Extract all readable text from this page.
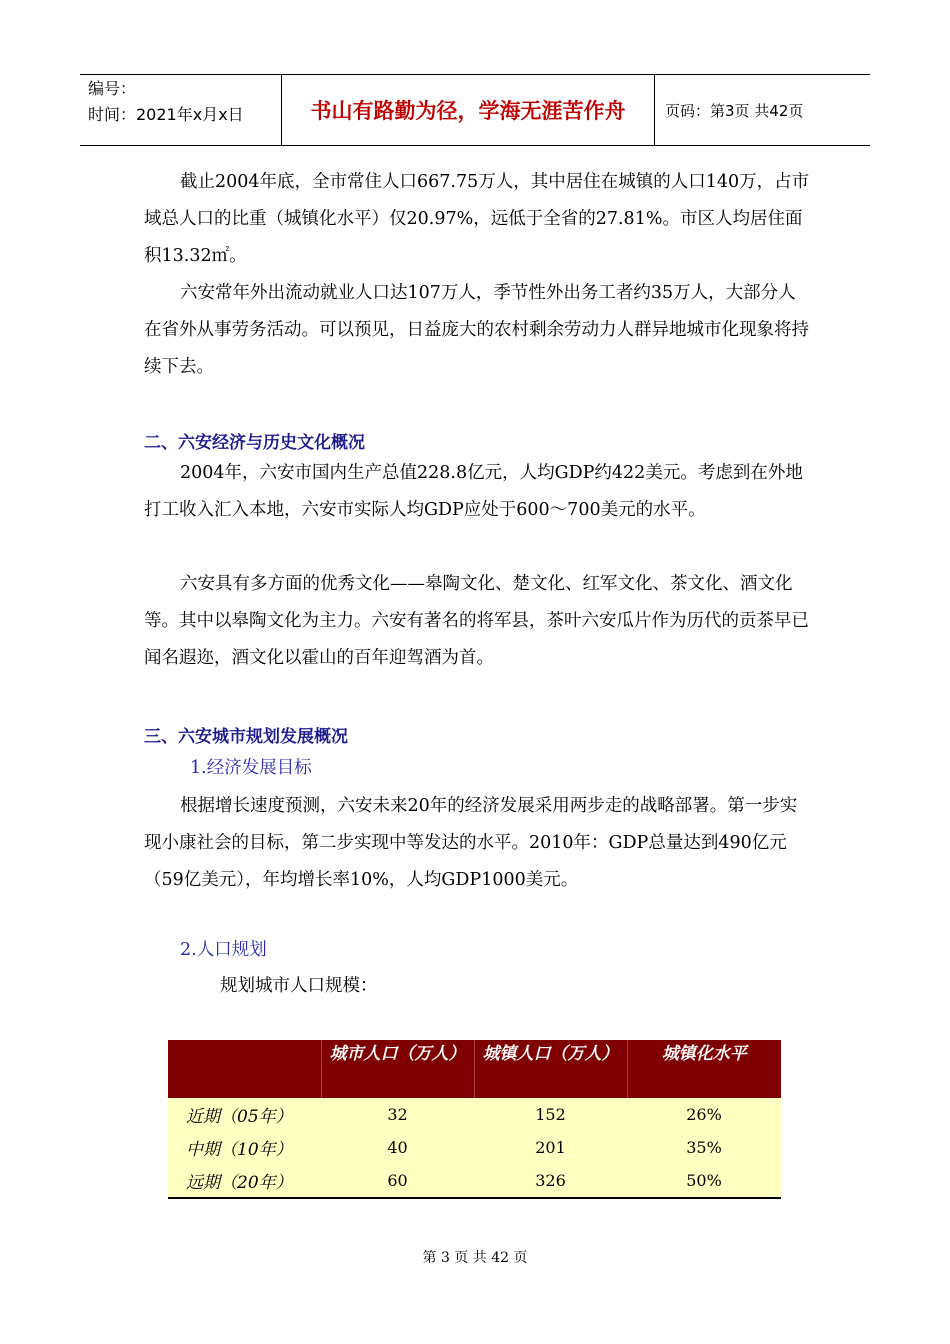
编号：
时间：2021年x月x日	书山有路勤为径，学海无涯苦作舟	页码：第3页 共42页

截止2004年底，全市常住人口667.75万人，其中居住在城镇的人口140万，占市域总人口的比重（城镇化水平）仅20.97%，远低于全省的27.81%。市区人均居住面积13.32㎡。

六安常年外出流动就业人口达107万人，季节性外出务工者约35万人，大部分人在省外从事劳务活动。可以预见，日益庞大的农村剩余劳动力人群异地城市化现象将持续下去。

二、六安经济与历史文化概况

2004年，六安市国内生产总值228.8亿元，人均GDP约422美元。考虑到在外地打工收入汇入本地，六安市实际人均GDP应处于600～700美元的水平。

六安具有多方面的优秀文化——皋陶文化、楚文化、红军文化、茶文化、酒文化等。其中以皋陶文化为主力。六安有著名的将军县，茶叶六安瓜片作为历代的贡茶早已闻名遐迩，酒文化以霍山的百年迎驾酒为首。

三、六安城市规划发展概况

1.经济发展目标

根据增长速度预测，六安未来20年的经济发展采用两步走的战略部署。第一步实现小康社会的目标，第二步实现中等发达的水平。2010年：GDP总量达到490亿元（59亿美元），年均增长率10%，人均GDP1000美元。

2.人口规划

规划城市人口规模：

	城市人口（万人）	城镇人口（万人）	城镇化水平
近期（05年）	32	152	26%
中期（10年）	40	201	35%
远期（20年）	60	326	50%
第 3 页 共 42 页
